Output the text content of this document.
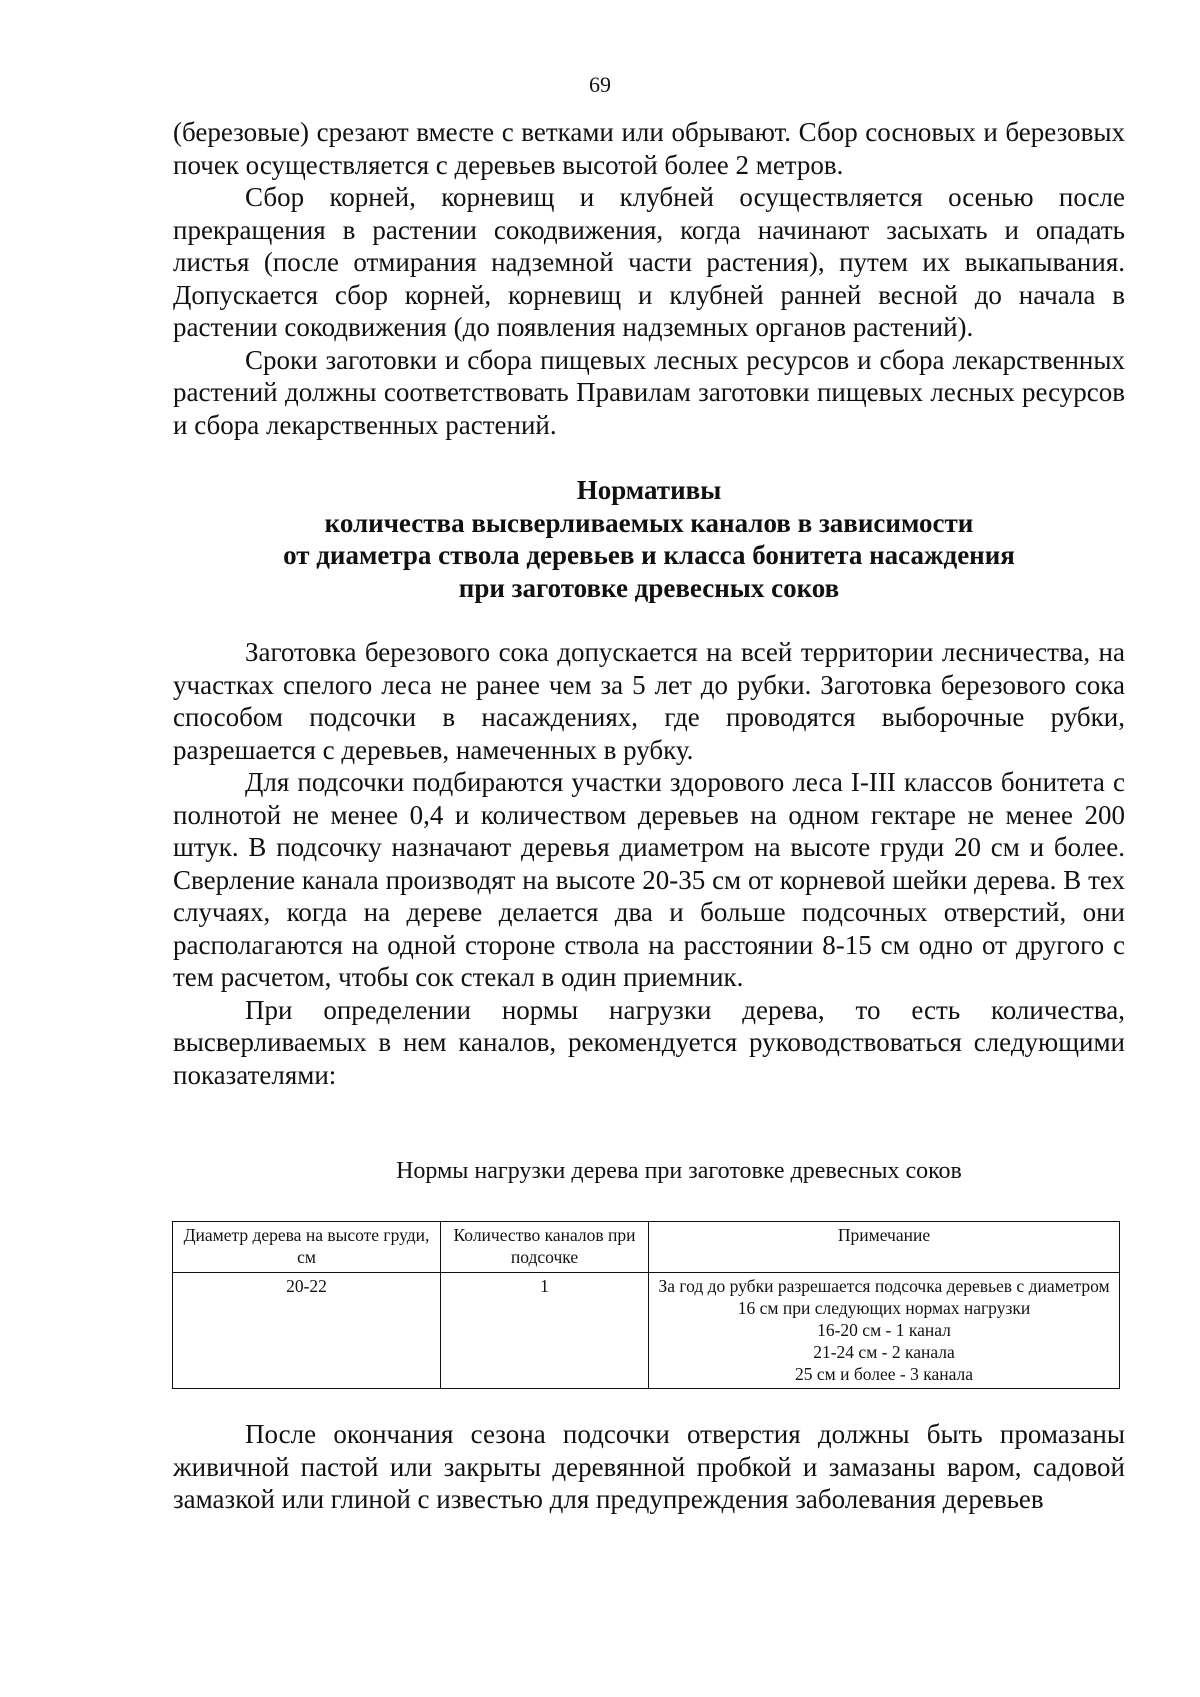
69

(березовые) срезают вместе с ветками или обрывают. Сбор сосновых и березовых почек осуществляется с деревьев высотой более 2 метров.

Сбор корней, корневищ и клубней осуществляется осенью после прекращения в растении сокодвижения, когда начинают засыхать и опадать листья (после отмирания надземной части растения), путем их выкапывания. Допускается сбор корней, корневищ и клубней ранней весной до начала в растении сокодвижения (до появления надземных органов растений).

Сроки заготовки и сбора пищевых лесных ресурсов и сбора лекарственных растений должны соответствовать Правилам заготовки пищевых лесных ресурсов и сбора лекарственных растений.

Нормативы
количества высверливаемых каналов в зависимости
от диаметра ствола деревьев и класса бонитета насаждения
при заготовке древесных соков

Заготовка березового сока допускается на всей территории лесничества, на участках спелого леса не ранее чем за 5 лет до рубки. Заготовка березового сока способом подсочки в насаждениях, где проводятся выборочные рубки, разрешается с деревьев, намеченных в рубку.

Для подсочки подбираются участки здорового леса I-III классов бонитета с полнотой не менее 0,4 и количеством деревьев на одном гектаре не менее 200 штук. В подсочку назначают деревья диаметром на высоте груди 20 см и более. Сверление канала производят на высоте 20-35 см от корневой шейки дерева. В тех случаях, когда на дереве делается два и больше подсочных отверстий, они располагаются на одной стороне ствола на расстоянии 8-15 см одно от другого с тем расчетом, чтобы сок стекал в один приемник.

При определении нормы нагрузки дерева, то есть количества, высверливаемых в нем каналов, рекомендуется руководствоваться следующими показателями:

Нормы нагрузки дерева при заготовке древесных соков
Диаметр дерева на высоте груди, см	Количество каналов при подсочке	Примечание
20-22	1	За год до рубки разрешается подсочка деревьев с диаметром 16 см при следующих нормах нагрузки
16-20 см - 1 канал
21-24 см - 2 канала
25 см и более - 3 канала

После окончания сезона подсочки отверстия должны быть промазаны живичной пастой или закрыты деревянной пробкой и замазаны варом, садовой замазкой или глиной с известью для предупреждения заболевания деревьев
